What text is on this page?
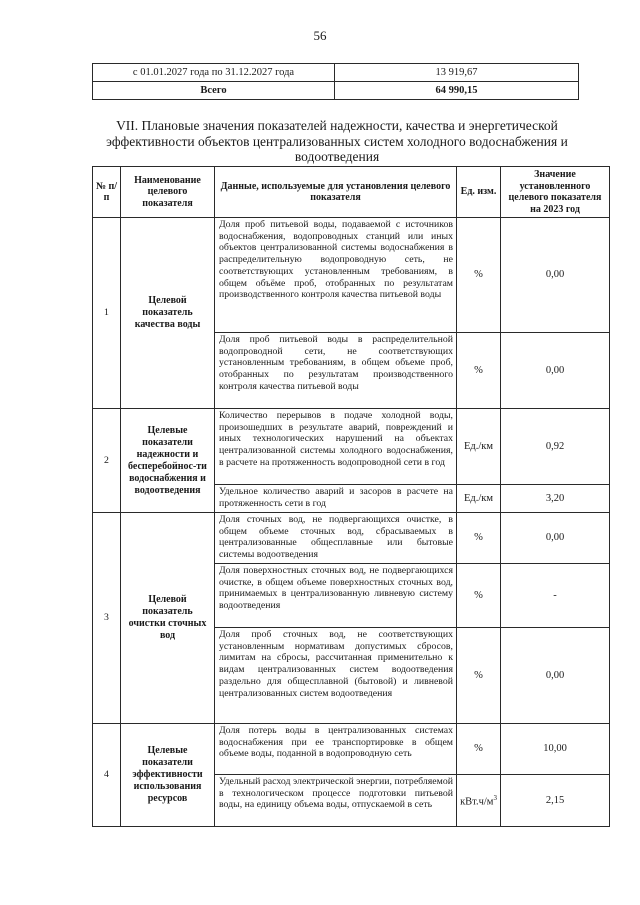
56
с 01.01.2027 года по 31.12.2027 года	13 919,67
Всего	64 990,15
VII. Плановые значения показателей надежности, качества и энергетической эффективности объектов централизованных систем холодного водоснабжения и водоотведения
№ п/п	Наименование целевого показателя	Данные, используемые для установления целевого показателя	Ед. изм.	Значение установленного целевого показателя на 2023 год
1	Целевой показатель качества воды	Доля проб питьевой воды, подаваемой с источников водоснабжения, водопроводных станций или иных объектов централизованной системы водоснабжения в распределительную водопроводную сеть, не соответствующих установленным требованиям, в общем объёме проб, отобранных по результатам производственного контроля качества питьевой воды	%	0,00
		Доля проб питьевой воды в распределительной водопроводной сети, не соответствующих установленным требованиям, в общем объеме проб, отобранных по результатам производственного контроля качества питьевой воды	%	0,00
2	Целевые показатели надежности и бесперебойнос-ти водоснабжения и водоотведения	Количество перерывов в подаче холодной воды, произошедших в результате аварий, повреждений и иных технологических нарушений на объектах централизованной системы холодного водоснабжения, в расчете на протяженность водопроводной сети в год	Ед./км	0,92
		Удельное количество аварий и засоров в расчете на протяженность сети в год	Ед./км	3,20
3	Целевой показатель очистки сточных вод	Доля сточных вод, не подвергающихся очистке, в общем объеме сточных вод, сбрасываемых в централизованные общесплавные или бытовые системы водоотведения	%	0,00
		Доля поверхностных сточных вод, не подвергающихся очистке, в общем объеме поверхностных сточных вод, принимаемых в централизованную ливневую систему водоотведения	%	-
		Доля проб сточных вод, не соответствующих установленным нормативам допустимых сбросов, лимитам на сбросы, рассчитанная применительно к видам централизованных систем водоотведения раздельно для общесплавной (бытовой) и ливневой централизованных систем водоотведения	%	0,00
4	Целевые показатели эффективности использования ресурсов	Доля потерь воды в централизованных системах водоснабжения при ее транспортировке в общем объеме воды, поданной в водопроводную сеть	%	10,00
		Удельный расход электрической энергии, потребляемой в технологическом процессе подготовки питьевой воды, на единицу объема воды, отпускаемой в сеть	$кВт.ч/м^3$	2,15
